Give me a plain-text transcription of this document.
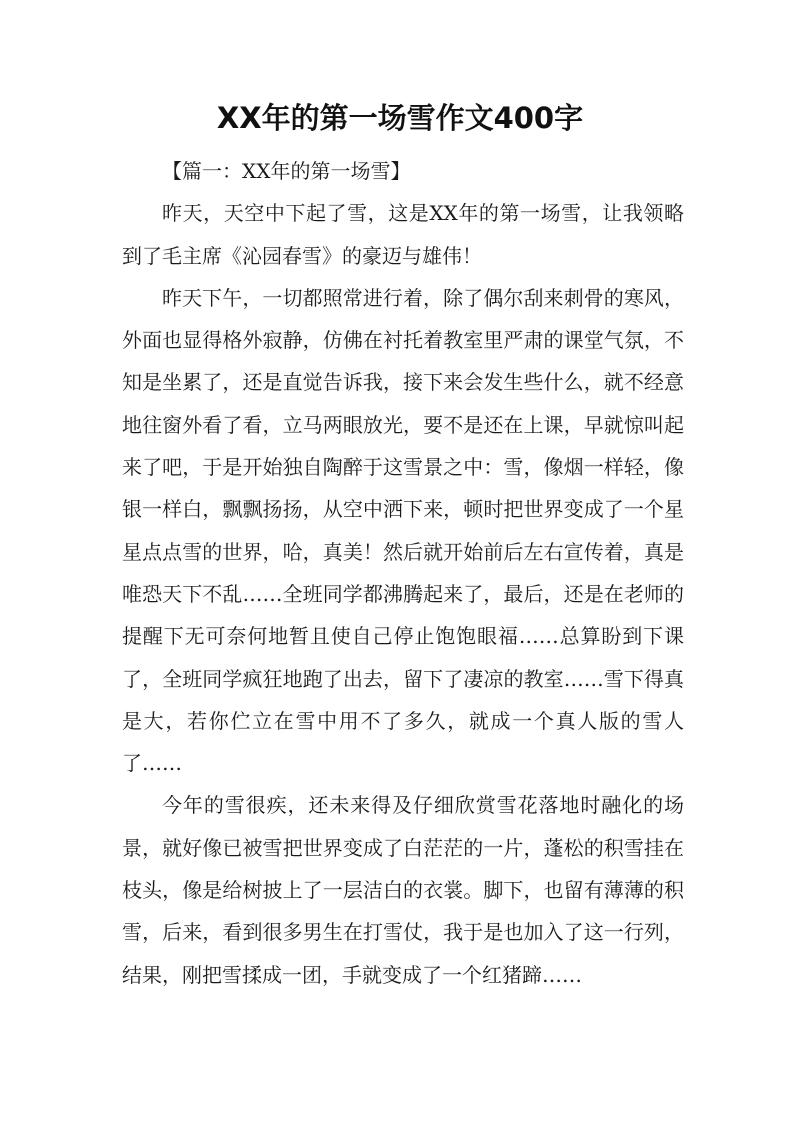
XX年的第一场雪作文400字

【篇一：XX年的第一场雪】

昨天，天空中下起了雪，这是XX年的第一场雪，让我领略到了毛主席《沁园春雪》的豪迈与雄伟！

昨天下午，一切都照常进行着，除了偶尔刮来刺骨的寒风，外面也显得格外寂静，仿佛在衬托着教室里严肃的课堂气氛，不知是坐累了，还是直觉告诉我，接下来会发生些什么，就不经意地往窗外看了看，立马两眼放光，要不是还在上课，早就惊叫起来了吧，于是开始独自陶醉于这雪景之中：雪，像烟一样轻，像银一样白，飘飘扬扬，从空中洒下来，顿时把世界变成了一个星星点点雪的世界，哈，真美！然后就开始前后左右宣传着，真是唯恐天下不乱……全班同学都沸腾起来了，最后，还是在老师的提醒下无可奈何地暂且使自己停止饱饱眼福……总算盼到下课了，全班同学疯狂地跑了出去，留下了凄凉的教室……雪下得真是大，若你伫立在雪中用不了多久，就成一个真人版的雪人了……

今年的雪很疾，还未来得及仔细欣赏雪花落地时融化的场景，就好像已被雪把世界变成了白茫茫的一片，蓬松的积雪挂在枝头，像是给树披上了一层洁白的衣裳。脚下，也留有薄薄的积雪，后来，看到很多男生在打雪仗，我于是也加入了这一行列，结果，刚把雪揉成一团，手就变成了一个红猪蹄……
